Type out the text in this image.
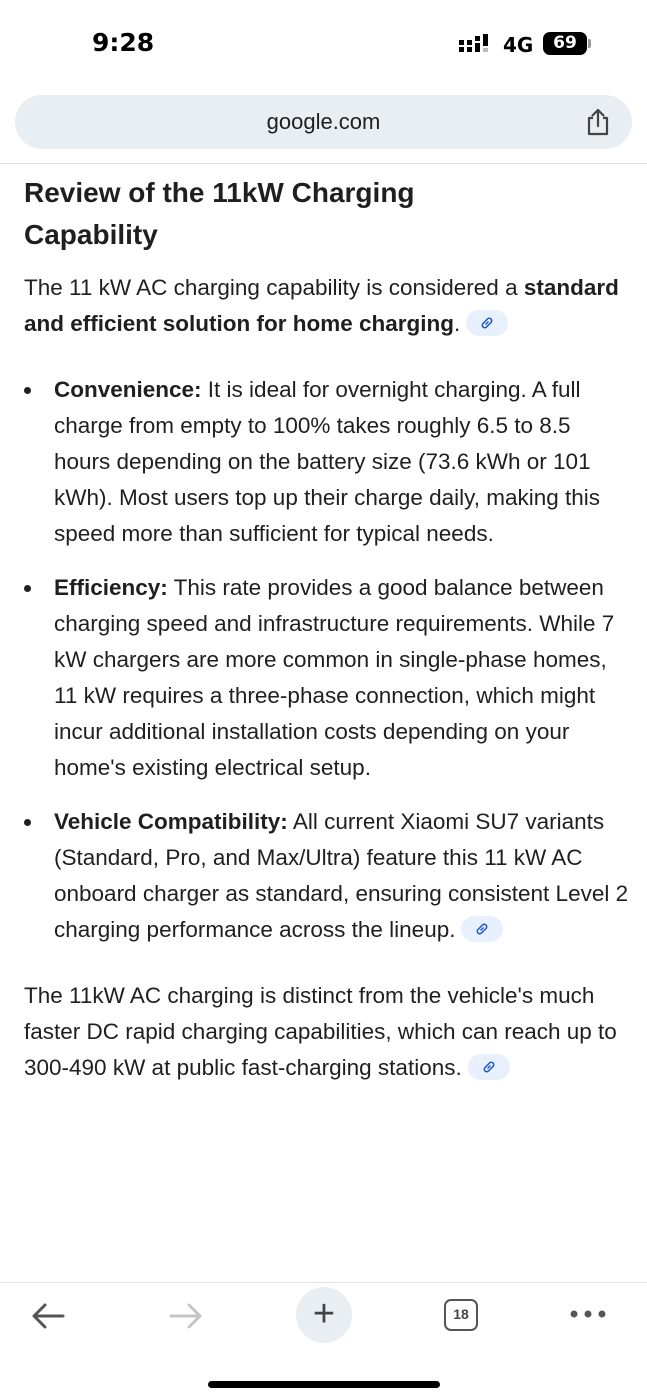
9:28	4G	69
google.com
Review of the 11kW Charging Capability

The 11 kW AC charging capability is considered a standard and efficient solution for home charging.

Convenience: It is ideal for overnight charging. A full charge from empty to 100% takes roughly 6.5 to 8.5 hours depending on the battery size (73.6 kWh or 101 kWh). Most users top up their charge daily, making this speed more than sufficient for typical needs.
Efficiency: This rate provides a good balance between charging speed and infrastructure requirements. While 7 kW chargers are more common in single-phase homes, 11 kW requires a three-phase connection, which might incur additional installation costs depending on your home's existing electrical setup.
Vehicle Compatibility: All current Xiaomi SU7 variants (Standard, Pro, and Max/Ultra) feature this 11 kW AC onboard charger as standard, ensuring consistent Level 2 charging performance across the lineup.

The 11kW AC charging is distinct from the vehicle's much faster DC rapid charging capabilities, which can reach up to 300-490 kW at public fast-charging stations.

+	18
